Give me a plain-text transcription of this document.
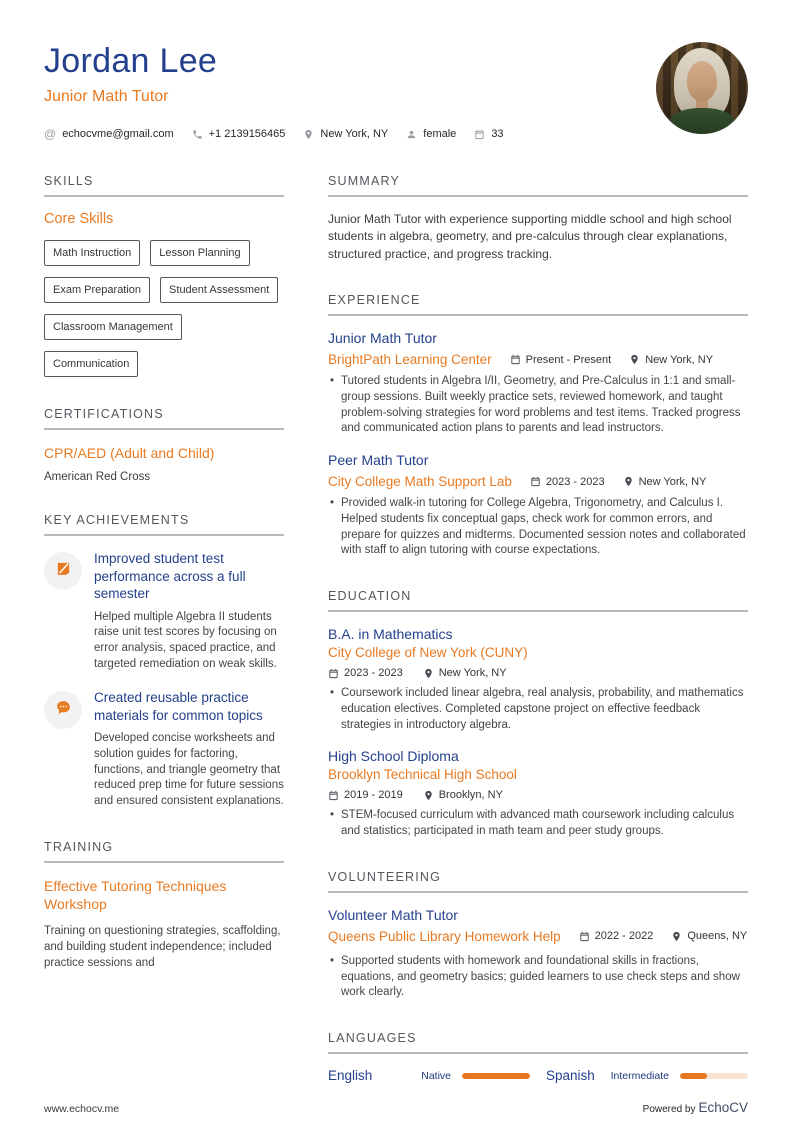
Jordan Lee
Junior Math Tutor
@ echocvme@gmail.com	+1 2139156465	New York, NY	female	33
SKILLS
Core Skills
Math Instruction	Lesson Planning
Exam Preparation	Student Assessment
Classroom Management
Communication
CERTIFICATIONS
CPR/AED (Adult and Child)
American Red Cross
KEY ACHIEVEMENTS
Improved student test performance across a full semester
Helped multiple Algebra II students raise unit test scores by focusing on error analysis, spaced practice, and targeted remediation on weak skills.
Created reusable practice materials for common topics
Developed concise worksheets and solution guides for factoring, functions, and triangle geometry that reduced prep time for future sessions and ensured consistent explanations.
TRAINING
Effective Tutoring Techniques Workshop
Training on questioning strategies, scaffolding, and building student independence; included practice sessions and
SUMMARY

Junior Math Tutor with experience supporting middle school and high school students in algebra, geometry, and pre-calculus through clear explanations, structured practice, and progress tracking.

EXPERIENCE
Junior Math Tutor
BrightPath Learning Center	Present - Present	New York, NY
• Tutored students in Algebra I/II, Geometry, and Pre-Calculus in 1:1 and small-group sessions. Built weekly practice sets, reviewed homework, and taught problem-solving strategies for word problems and test items. Tracked progress and communicated action plans to parents and lead instructors.
Peer Math Tutor
City College Math Support Lab	2023 - 2023	New York, NY
• Provided walk-in tutoring for College Algebra, Trigonometry, and Calculus I. Helped students fix conceptual gaps, check work for common errors, and prepare for quizzes and midterms. Documented session notes and collaborated with staff to align tutoring with course expectations.
EDUCATION
B.A. in Mathematics
City College of New York (CUNY)
2023 - 2023	New York, NY
• Coursework included linear algebra, real analysis, probability, and mathematics education electives. Completed capstone project on effective feedback strategies in introductory algebra.
High School Diploma
Brooklyn Technical High School
2019 - 2019	Brooklyn, NY
• STEM-focused curriculum with advanced math coursework including calculus and statistics; participated in math team and peer study groups.
VOLUNTEERING
Volunteer Math Tutor
Queens Public Library Homework Help	2022 - 2022	Queens, NY
• Supported students with homework and foundational skills in fractions, equations, and geometry basics; guided learners to use check steps and show work clearly.
LANGUAGES
English	Native	Spanish	Intermediate
www.echocv.me	Powered by EchoCV
